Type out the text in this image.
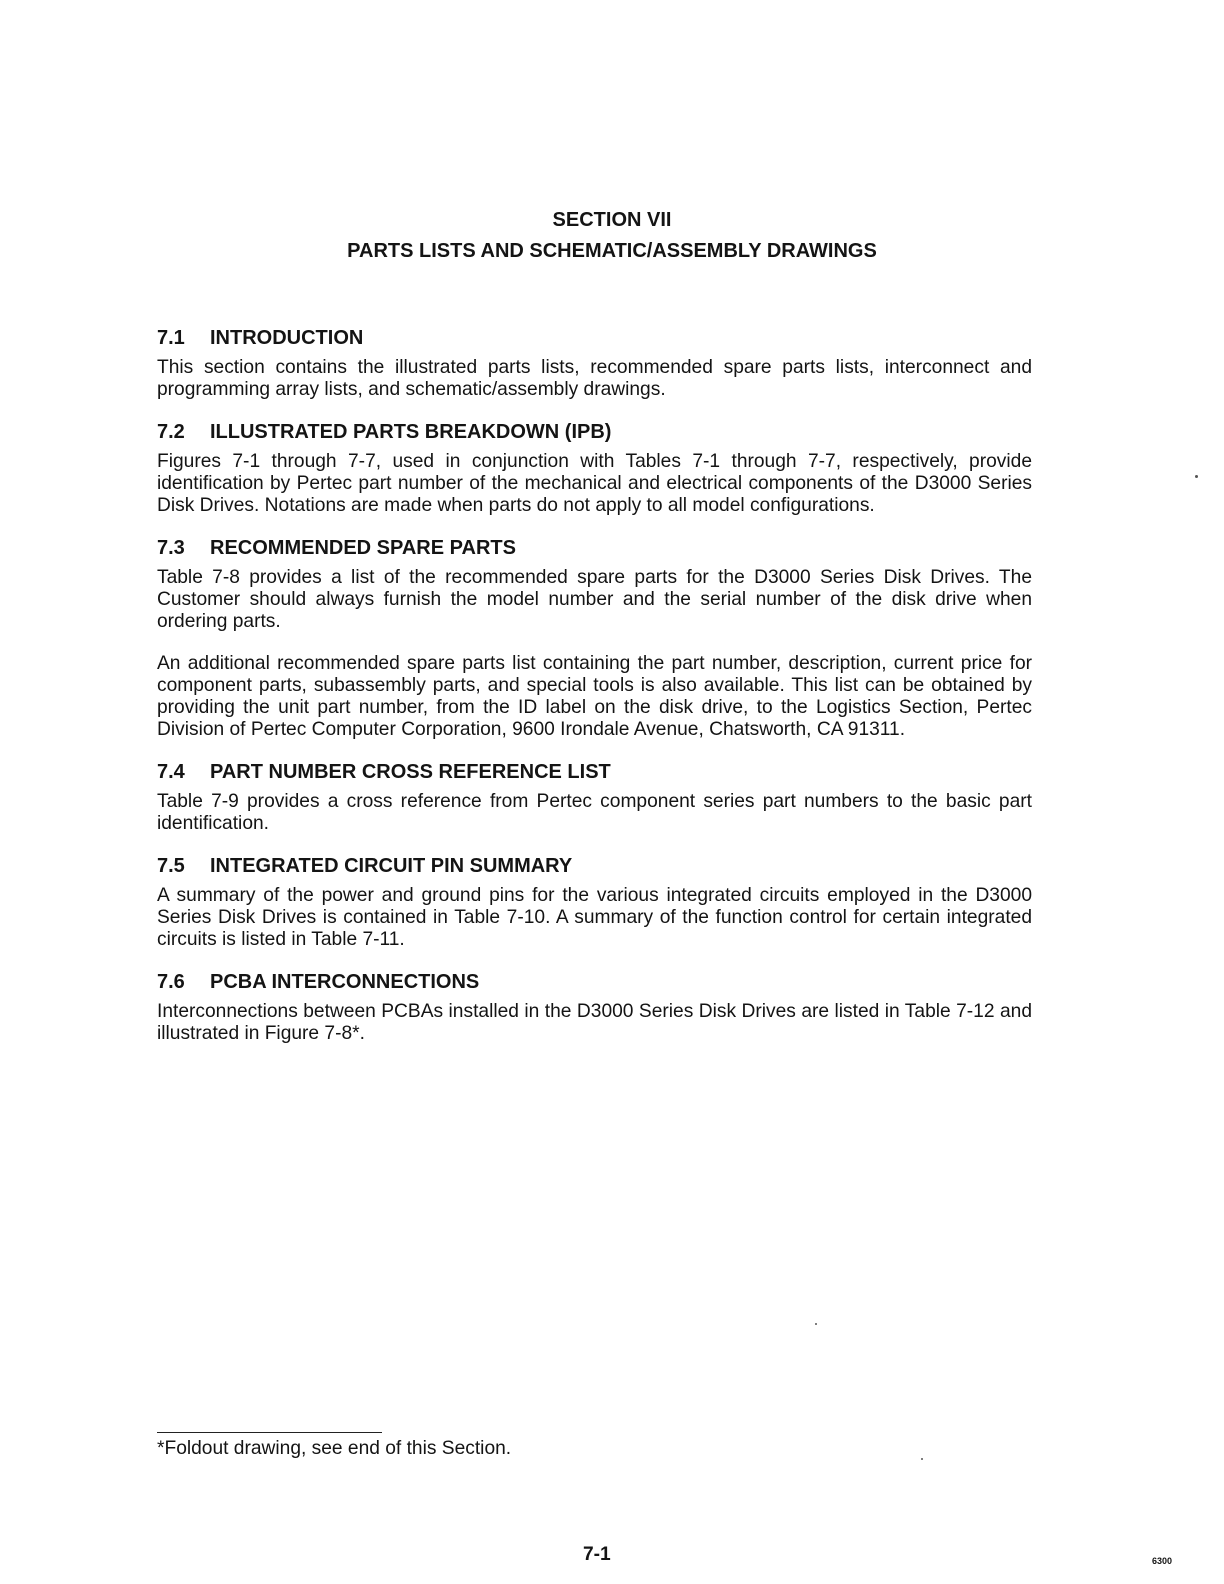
SECTION VII
PARTS LISTS AND SCHEMATIC/ASSEMBLY DRAWINGS
7.1	INTRODUCTION

This section contains the illustrated parts lists, recommended spare parts lists, interconnect and programming array lists, and schematic/assembly drawings.

7.2	ILLUSTRATED PARTS BREAKDOWN (IPB)

Figures 7-1 through 7-7, used in conjunction with Tables 7-1 through 7-7, respectively, provide identification by Pertec part number of the mechanical and electrical components of the D3000 Series Disk Drives. Notations are made when parts do not apply to all model configurations.

7.3	RECOMMENDED SPARE PARTS

Table 7-8 provides a list of the recommended spare parts for the D3000 Series Disk Drives. The Customer should always furnish the model number and the serial number of the disk drive when ordering parts.

An additional recommended spare parts list containing the part number, description, current price for component parts, subassembly parts, and special tools is also available. This list can be obtained by providing the unit part number, from the ID label on the disk drive, to the Logistics Section, Pertec Division of Pertec Computer Corporation, 9600 Irondale Avenue, Chatsworth, CA 91311.

7.4	PART NUMBER CROSS REFERENCE LIST

Table 7-9 provides a cross reference from Pertec component series part numbers to the basic part identification.

7.5	INTEGRATED CIRCUIT PIN SUMMARY

A summary of the power and ground pins for the various integrated circuits employed in the D3000 Series Disk Drives is contained in Table 7-10. A summary of the function control for certain integrated circuits is listed in Table 7-11.

7.6	PCBA INTERCONNECTIONS

Interconnections between PCBAs installed in the D3000 Series Disk Drives are listed in Table 7-12 and illustrated in Figure 7-8*.

*Foldout drawing, see end of this Section.
7-1	6300
